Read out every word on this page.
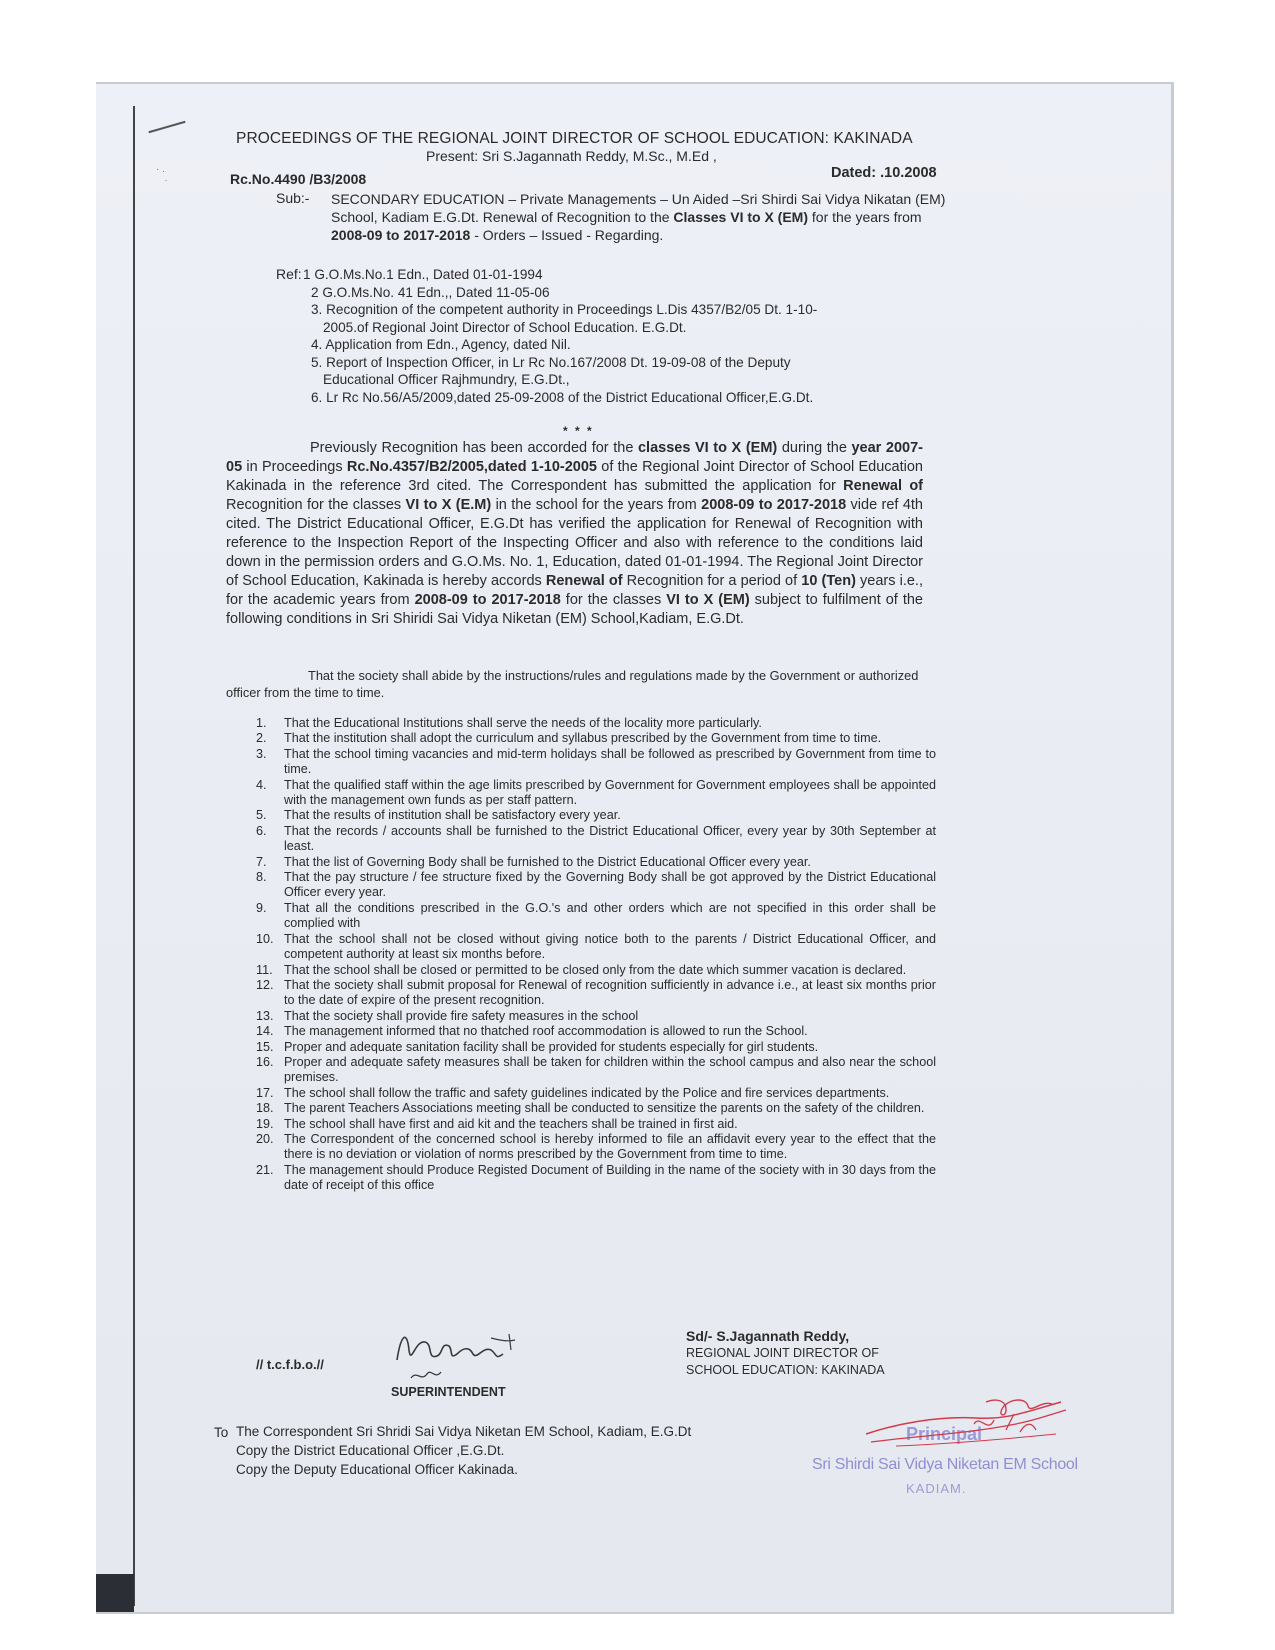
· .
·
PROCEEDINGS OF THE REGIONAL JOINT DIRECTOR OF SCHOOL EDUCATION: KAKINADA
Present: Sri S.Jagannath Reddy, M.Sc., M.Ed ,
Rc.No.4490 /B3/2008	Dated: .10.2008
Sub:- SECONDARY EDUCATION – Private Managements – Un Aided –Sri Shirdi Sai Vidya Nikatan (EM) School, Kadiam E.G.Dt. Renewal of Recognition to the Classes VI to X (EM) for the years from 2008-09 to 2017-2018 - Orders – Issued - Regarding.
Ref: 1 G.O.Ms.No.1 Edn., Dated 01-01-1994
2 G.O.Ms.No. 41 Edn.,, Dated 11-05-06
3. Recognition of the competent authority in Proceedings L.Dis 4357/B2/05 Dt. 1-10-
2005.of Regional Joint Director of School Education. E.G.Dt.
4. Application from Edn., Agency, dated Nil.
5. Report of Inspection Officer, in Lr Rc No.167/2008 Dt. 19-09-08 of the Deputy
Educational Officer Rajhmundry, E.G.Dt.,
6. Lr Rc No.56/A5/2009,dated 25-09-2008 of the District Educational Officer,E.G.Dt.
* * *

Previously Recognition has been accorded for the classes VI to X (EM) during the year 2007-05 in Proceedings Rc.No.4357/B2/2005,dated 1-10-2005 of the Regional Joint Director of School Education Kakinada in the reference 3rd cited. The Correspondent has submitted the application for Renewal of Recognition for the classes VI to X (E.M) in the school for the years from 2008-09 to 2017-2018 vide ref 4th cited. The District Educational Officer, E.G.Dt has verified the application for Renewal of Recognition with reference to the Inspection Report of the Inspecting Officer and also with reference to the conditions laid down in the permission orders and G.O.Ms. No. 1, Education, dated 01-01-1994. The Regional Joint Director of School Education, Kakinada is hereby accords Renewal of Recognition for a period of 10 (Ten) years i.e., for the academic years from 2008-09 to 2017-2018 for the classes VI to X (EM) subject to fulfilment of the following conditions in Sri Shiridi Sai Vidya Niketan (EM) School,Kadiam, E.G.Dt.

That the society shall abide by the instructions/rules and regulations made by the Government or authorized officer from the time to time.

1. That the Educational Institutions shall serve the needs of the locality more particularly.
2. That the institution shall adopt the curriculum and syllabus prescribed by the Government from time to time.
3. That the school timing vacancies and mid-term holidays shall be followed as prescribed by Government from time to time.
4. That the qualified staff within the age limits prescribed by Government for Government employees shall be appointed with the management own funds as per staff pattern.
5. That the results of institution shall be satisfactory every year.
6. That the records / accounts shall be furnished to the District Educational Officer, every year by 30th September at least.
7. That the list of Governing Body shall be furnished to the District Educational Officer every year.
8. That the pay structure / fee structure fixed by the Governing Body shall be got approved by the District Educational Officer every year.
9. That all the conditions prescribed in the G.O.'s and other orders which are not specified in this order shall be complied with
10. That the school shall not be closed without giving notice both to the parents / District Educational Officer, and competent authority at least six months before.
11. That the school shall be closed or permitted to be closed only from the date which summer vacation is declared.
12. That the society shall submit proposal for Renewal of recognition sufficiently in advance i.e., at least six months prior to the date of expire of the present recognition.
13. That the society shall provide fire safety measures in the school
14. The management informed that no thatched roof accommodation is allowed to run the School.
15. Proper and adequate sanitation facility shall be provided for students especially for girl students.
16. Proper and adequate safety measures shall be taken for children within the school campus and also near the school premises.
17. The school shall follow the traffic and safety guidelines indicated by the Police and fire services departments.
18. The parent Teachers Associations meeting shall be conducted to sensitize the parents on the safety of the children.
19. The school shall have first and aid kit and the teachers shall be trained in first aid.
20. The Correspondent of the concerned school is hereby informed to file an affidavit every year to the effect that the there is no deviation or violation of norms prescribed by the Government from time to time.
21. The management should Produce Registed Document of Building in the name of the society with in 30 days from the date of receipt of this office
// t.c.f.b.o.//
SUPERINTENDENT
Sd/- S.Jagannath Reddy,
REGIONAL JOINT DIRECTOR OF
SCHOOL EDUCATION: KAKINADA
To The Correspondent Sri Shridi Sai Vidya Niketan EM School, Kadiam, E.G.Dt
Copy the District Educational Officer ,E.G.Dt.
Copy the Deputy Educational Officer Kakinada.
Principal
Sri Shirdi Sai Vidya Niketan EM School
KADIAM.
